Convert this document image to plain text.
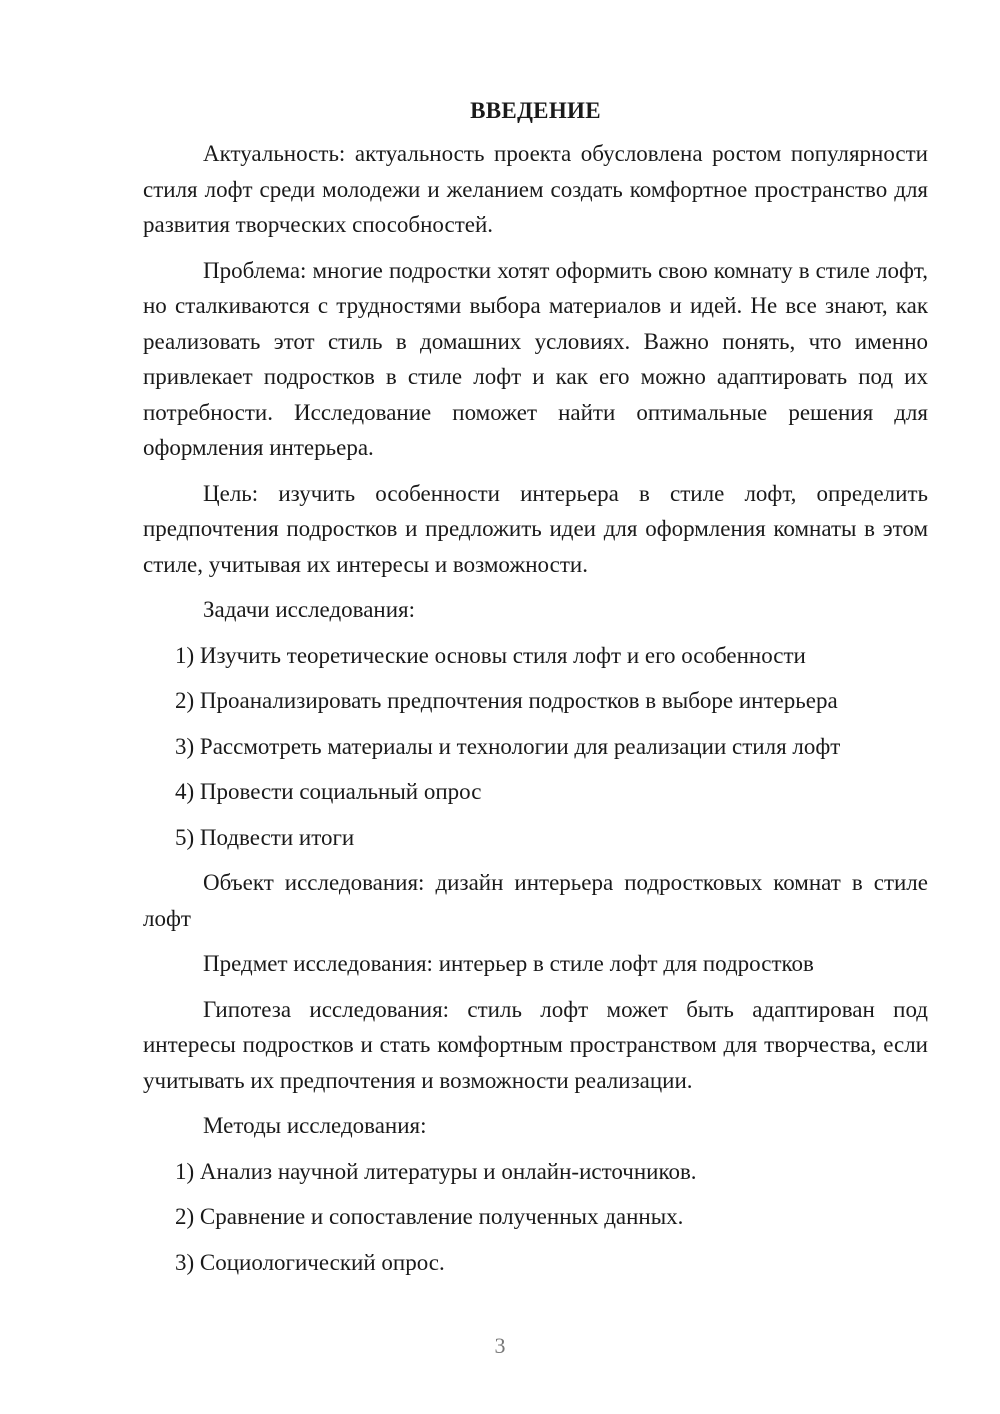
ВВЕДЕНИЕ

Актуальность: актуальность проекта обусловлена ростом популярности стиля лофт среди молодежи и желанием создать комфортное пространство для развития творческих способностей.

Проблема: многие подростки хотят оформить свою комнату в стиле лофт, но сталкиваются с трудностями выбора материалов и идей. Не все знают, как реализовать этот стиль в домашних условиях. Важно понять, что именно привлекает подростков в стиле лофт и как его можно адаптировать под их потребности. Исследование поможет найти оптимальные решения для оформления интерьера.

Цель: изучить особенности интерьера в стиле лофт, определить предпочтения подростков и предложить идеи для оформления комнаты в этом стиле, учитывая их интересы и возможности.

Задачи исследования:

1) Изучить теоретические основы стиля лофт и его особенности

2) Проанализировать предпочтения подростков в выборе интерьера

3) Рассмотреть материалы и технологии для реализации стиля лофт

4) Провести социальный опрос

5) Подвести итоги

Объект исследования: дизайн интерьера подростковых комнат в стиле лофт

Предмет исследования: интерьер в стиле лофт для подростков

Гипотеза исследования: стиль лофт может быть адаптирован под интересы подростков и стать комфортным пространством для творчества, если учитывать их предпочтения и возможности реализации.

Методы исследования:

1) Анализ научной литературы и онлайн-источников.

2) Сравнение и сопоставление полученных данных.

3) Социологический опрос.

3
